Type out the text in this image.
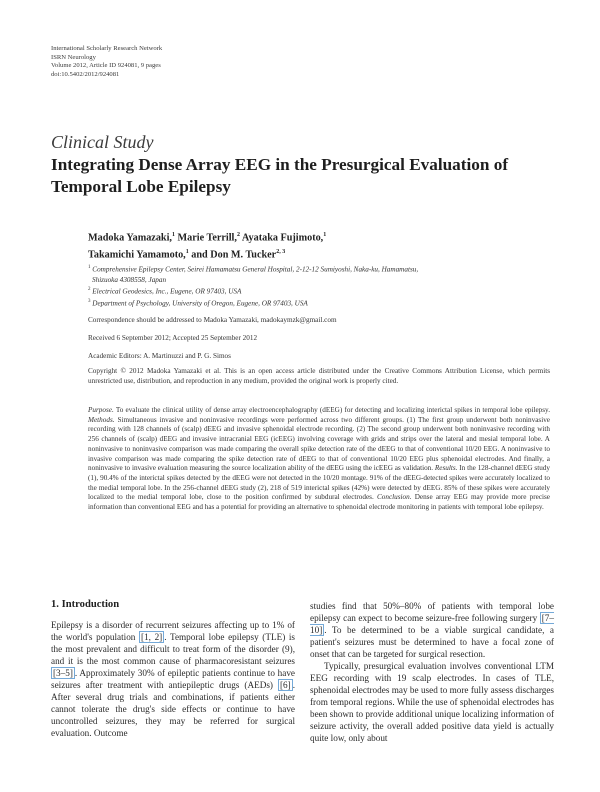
International Scholarly Research Network
ISRN Neurology
Volume 2012, Article ID 924081, 9 pages
doi:10.5402/2012/924081
Clinical Study
Integrating Dense Array EEG in the Presurgical Evaluation of Temporal Lobe Epilepsy

Madoka Yamazaki,$^1$ Marie Terrill,$^2$ Ayataka Fujimoto,$^1$
Takamichi Yamamoto,$^1$ and Don M. Tucker$^{2, 3}$

$^1$ Comprehensive Epilepsy Center, Seirei Hamamatsu General Hospital, 2-12-12 Sumiyoshi, Naka-ku, Hamamatsu,
Shizuoka 4308558, Japan
$^2$ Electrical Geodesics, Inc., Eugene, OR 97403, USA
$^3$ Department of Psychology, University of Oregon, Eugene, OR 97403, USA
Correspondence should be addressed to Madoka Yamazaki, madokaymzk@gmail.com
Received 6 September 2012; Accepted 25 September 2012
Academic Editors: A. Martinuzzi and P. G. Simos
Copyright © 2012 Madoka Yamazaki et al. This is an open access article distributed under the Creative Commons Attribution License, which permits unrestricted use, distribution, and reproduction in any medium, provided the original work is properly cited.
Purpose. To evaluate the clinical utility of dense array electroencephalography (dEEG) for detecting and localizing interictal spikes in temporal lobe epilepsy. Methods. Simultaneous invasive and noninvasive recordings were performed across two different groups. (1) The first group underwent both noninvasive recording with 128 channels of (scalp) dEEG and invasive sphenoidal electrode recording. (2) The second group underwent both noninvasive recording with 256 channels of (scalp) dEEG and invasive intracranial EEG (icEEG) involving coverage with grids and strips over the lateral and mesial temporal lobe. A noninvasive to noninvasive comparison was made comparing the overall spike detection rate of the dEEG to that of conventional 10/20 EEG. A noninvasive to invasive comparison was made comparing the spike detection rate of dEEG to that of conventional 10/20 EEG plus sphenoidal electrodes. And finally, a noninvasive to invasive evaluation measuring the source localization ability of the dEEG using the icEEG as validation. Results. In the 128-channel dEEG study (1), 90.4% of the interictal spikes detected by the dEEG were not detected in the 10/20 montage. 91% of the dEEG-detected spikes were accurately localized to the medial temporal lobe. In the 256-channel dEEG study (2), 218 of 519 interictal spikes (42%) were detected by dEEG. 85% of these spikes were accurately localized to the medial temporal lobe, close to the position confirmed by subdural electrodes. Conclusion. Dense array EEG may provide more precise information than conventional EEG and has a potential for providing an alternative to sphenoidal electrode monitoring in patients with temporal lobe epilepsy.
1. Introduction

Epilepsy is a disorder of recurrent seizures affecting up to 1% of the world's population [1, 2] . Temporal lobe epilepsy (TLE) is the most prevalent and difficult to treat form of the disorder (9), and it is the most common cause of pharmacoresistant seizures [3–5] . Approximately 30% of epileptic patients continue to have seizures after treatment with antiepileptic drugs (AEDs) [6] . After several drug trials and combinations, if patients either cannot tolerate the drug's side effects or continue to have uncontrolled seizures, they may be referred for surgical evaluation. Outcome

studies find that 50%–80% of patients with temporal lobe epilepsy can expect to become seizure-free following surgery [7–10] . To be determined to be a viable surgical candidate, a patient's seizures must be determined to have a focal zone of onset that can be targeted for surgical resection.

Typically, presurgical evaluation involves conventional LTM EEG recording with 19 scalp electrodes. In cases of TLE, sphenoidal electrodes may be used to more fully assess discharges from temporal regions. While the use of sphenoidal electrodes has been shown to provide additional unique localizing information of seizure activity, the overall added positive data yield is actually quite low, only about
